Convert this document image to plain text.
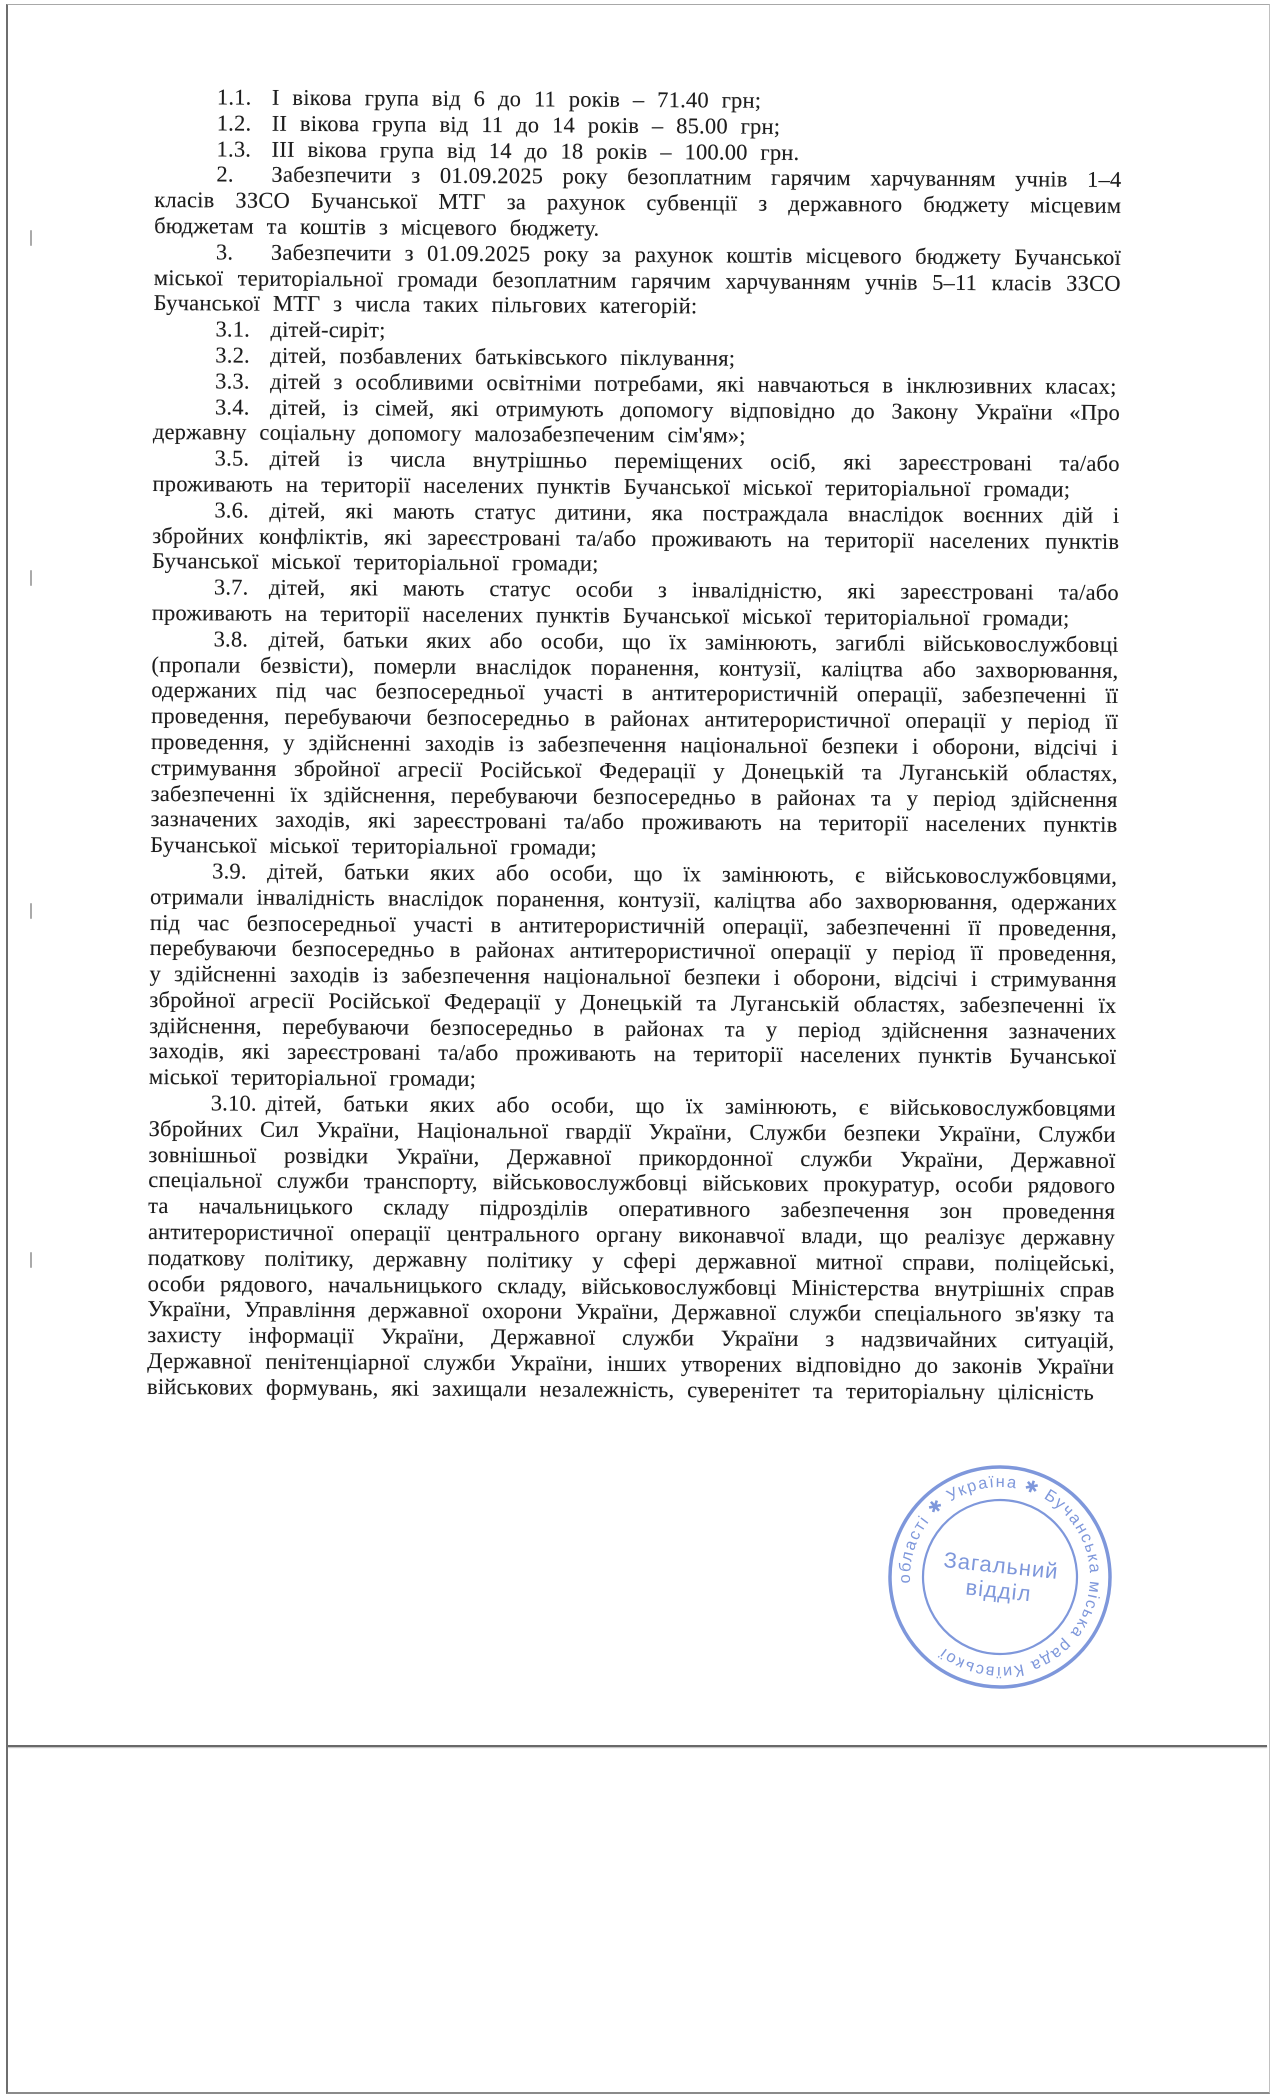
1.1. І вікова група від 6 до 11 років – 71.40 грн;

1.2. ІІ вікова група від 11 до 14 років – 85.00 грн;

1.3. ІІІ вікова група від 14 до 18 років – 100.00 грн.

2. Забезпечити з 01.09.2025 року безоплатним гарячим харчуванням учнів 1–4 класів ЗЗСО Бучанської МТГ за рахунок субвенції з державного бюджету місцевим бюджетам та коштів з місцевого бюджету.

3. Забезпечити з 01.09.2025 року за рахунок коштів місцевого бюджету Бучанської міської територіальної громади безоплатним гарячим харчуванням учнів 5–11 класів ЗЗСО Бучанської МТГ з числа таких пільгових категорій:

3.1. дітей-сиріт;

3.2. дітей, позбавлених батьківського піклування;

3.3. дітей з особливими освітніми потребами, які навчаються в інклюзивних класах;

3.4. дітей, із сімей, які отримують допомогу відповідно до Закону України «Про державну соціальну допомогу малозабезпеченим сім'ям»;

3.5. дітей із числа внутрішньо переміщених осіб, які зареєстровані та/або проживають на території населених пунктів Бучанської міської територіальної громади;

3.6. дітей, які мають статус дитини, яка постраждала внаслідок воєнних дій і збройних конфліктів, які зареєстровані та/або проживають на території населених пунктів Бучанської міської територіальної громади;

3.7. дітей, які мають статус особи з інвалідністю, які зареєстровані та/або проживають на території населених пунктів Бучанської міської територіальної громади;

3.8. дітей, батьки яких або особи, що їх замінюють, загиблі військовослужбовці (пропали безвісти), померли внаслідок поранення, контузії, каліцтва або захворювання, одержаних під час безпосередньої участі в антитерористичній операції, забезпеченні її проведення, перебуваючи безпосередньо в районах антитерористичної операції у період її проведення, у здійсненні заходів із забезпечення національної безпеки і оборони, відсічі і стримування збройної агресії Російської Федерації у Донецькій та Луганській областях, забезпеченні їх здійснення, перебуваючи безпосередньо в районах та у період здійснення зазначених заходів, які зареєстровані та/або проживають на території населених пунктів Бучанської міської територіальної громади;

3.9. дітей, батьки яких або особи, що їх замінюють, є військовослужбовцями, отримали інвалідність внаслідок поранення, контузії, каліцтва або захворювання, одержаних під час безпосередньої участі в антитерористичній операції, забезпеченні її проведення, перебуваючи безпосередньо в районах антитерористичної операції у період її проведення, у здійсненні заходів із забезпечення національної безпеки і оборони, відсічі і стримування збройної агресії Російської Федерації у Донецькій та Луганській областях, забезпеченні їх здійснення, перебуваючи безпосередньо в районах та у період здійснення зазначених заходів, які зареєстровані та/або проживають на території населених пунктів Бучанської міської територіальної громади;

3.10. дітей, батьки яких або особи, що їх замінюють, є військовослужбовцями Збройних Сил України, Національної гвардії України, Служби безпеки України, Служби зовнішньої розвідки України, Державної прикордонної служби України, Державної спеціальної служби транспорту, військовослужбовці військових прокуратур, особи рядового та начальницького складу підрозділів оперативного забезпечення зон проведення антитерористичної операції центрального органу виконавчої влади, що реалізує державну податкову політику, державну політику у сфері державної митної справи, поліцейські, особи рядового, начальницького складу, військовослужбовці Міністерства внутрішніх справ України, Управління державної охорони України, Державної служби спеціального зв'язку та захисту інформації України, Державної служби України з надзвичайних ситуацій, Державної пенітенціарної служби України, інших утворених відповідно до законів України військових формувань, які захищали незалежність, суверенітет та територіальну цілісність

області ✱ Україна ✱ Бучанська міська рада Київської
Загальний
відділ
